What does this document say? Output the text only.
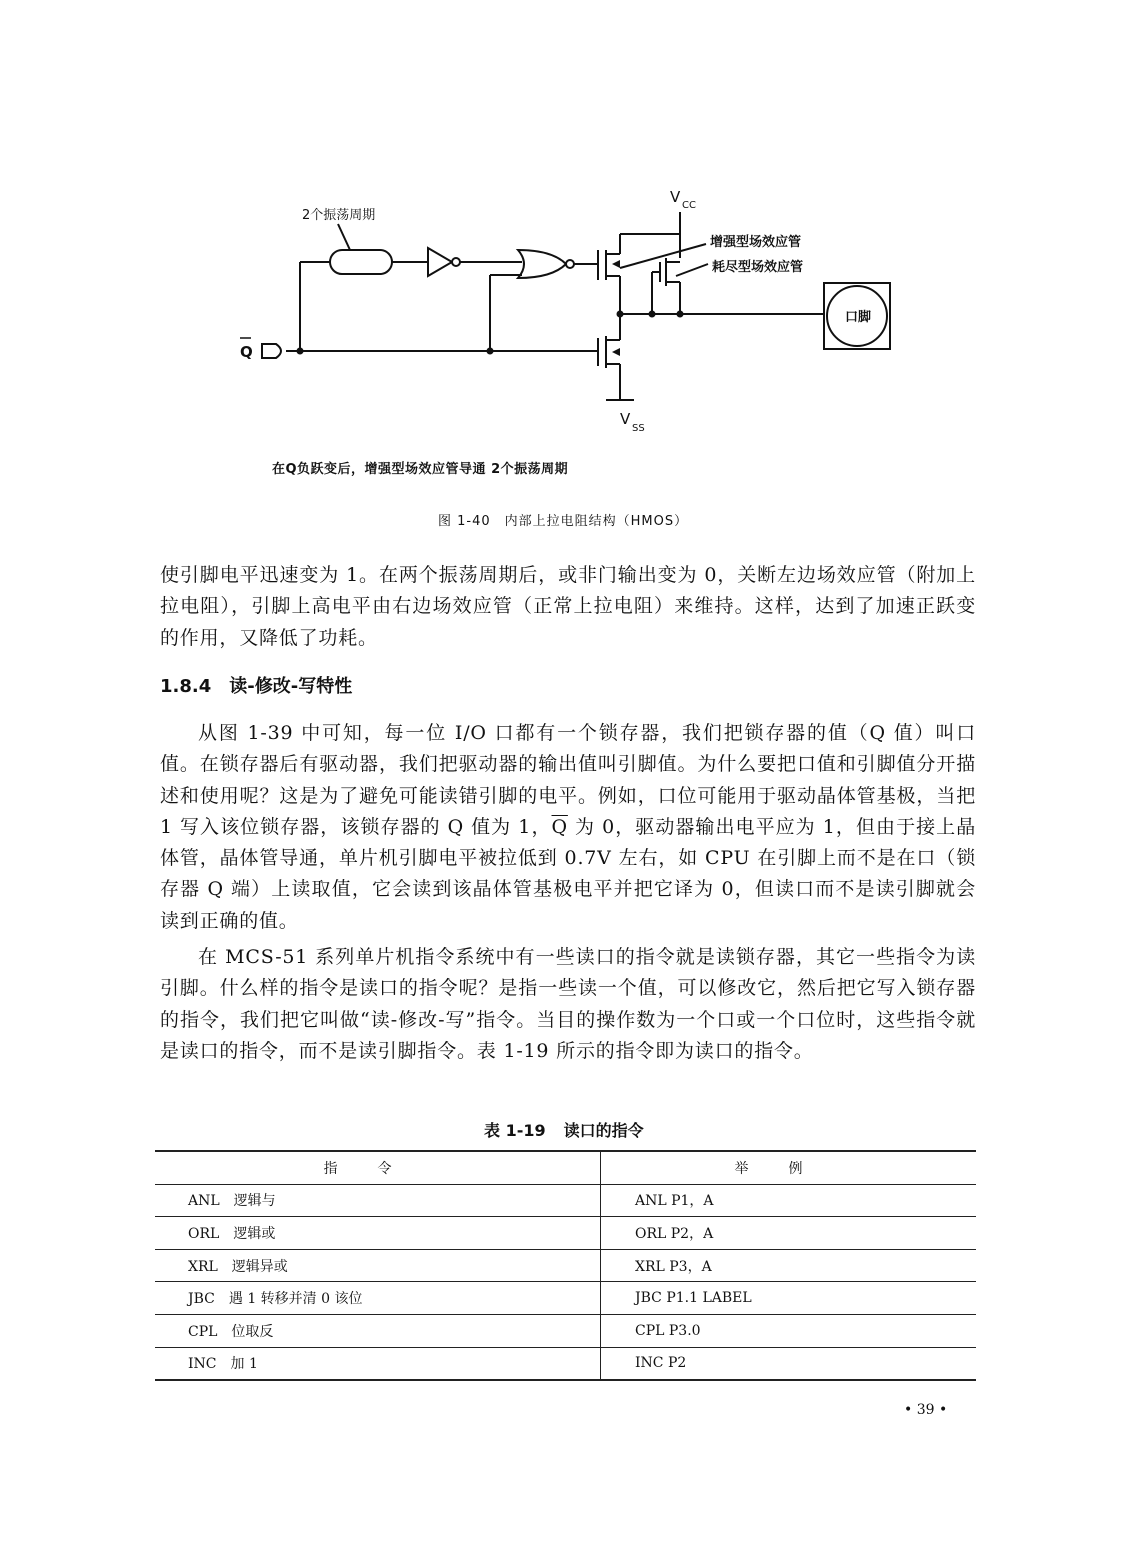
2个振荡周期
增强型场效应管
耗尽型场效应管
V CC
V
SS
口脚
Q
在Q负跃变后，增强型场效应管导通 2个振荡周期
图 1-40　内部上拉电阻结构（HMOS）

使引脚电平迅速变为 1。在两个振荡周期后，或非门输出变为 0，关断左边场效应管（附加上拉电阻），引脚上高电平由右边场效应管（正常上拉电阻）来维持。这样，达到了加速正跃变的作用，又降低了功耗。

1.8.4 读-修改-写特性

从图 1-39 中可知，每一位 I/O 口都有一个锁存器，我们把锁存器的值（Q 值）叫口值。在锁存器后有驱动器，我们把驱动器的输出值叫引脚值。为什么要把口值和引脚值分开描述和使用呢？这是为了避免可能读错引脚的电平。例如，口位可能用于驱动晶体管基极，当把 1 写入该位锁存器，该锁存器的 Q 值为 1，$\overline{Q}$ 为 0，驱动器输出电平应为 1，但由于接上晶体管，晶体管导通，单片机引脚电平被拉低到 0.7V 左右，如 CPU 在引脚上而不是在口（锁存器 Q 端）上读取值，它会读到该晶体管基极电平并把它译为 0，但读口而不是读引脚就会读到正确的值。

在 MCS-51 系列单片机指令系统中有一些读口的指令就是读锁存器，其它一些指令为读引脚。什么样的指令是读口的指令呢？是指一些读一个值，可以修改它，然后把它写入锁存器的指令，我们把它叫做“读-修改-写”指令。当目的操作数为一个口或一个口位时，这些指令就是读口的指令，而不是读引脚指令。表 1-19 所示的指令即为读口的指令。

表 1-19 读口的指令
指令	举例
ANL　逻辑与	ANL P1，A
ORL　逻辑或	ORL P2，A
XRL　逻辑异或	XRL P3，A
JBC　遇 1 转移并清 0 该位	JBC P1.1 LABEL
CPL　位取反	CPL P3.0
INC　加 1	INC P2
• 39 •
